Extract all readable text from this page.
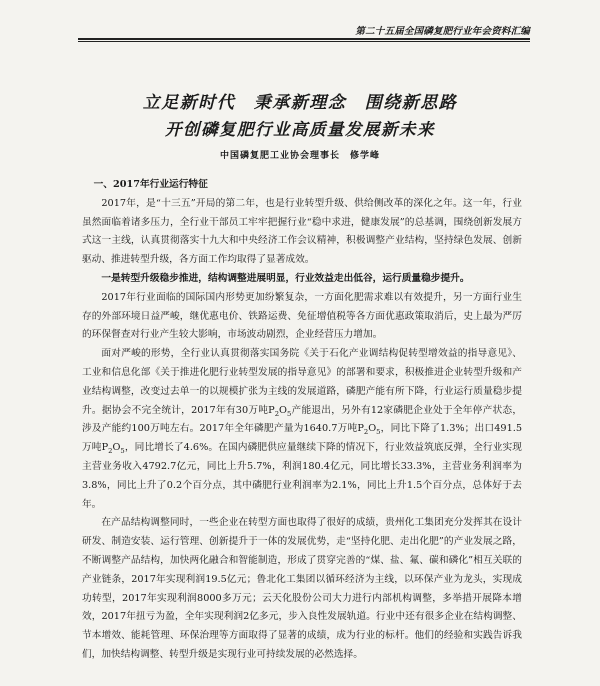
第二十五届全国磷复肥行业年会资料汇编
立足新时代　秉承新理念　围绕新思路
开创磷复肥行业高质量发展新未来
中国磷复肥工业协会理事长　修学峰

一、2017年行业运行特征

2017年，是“十三五”开局的第二年，也是行业转型升级、供给侧改革的深化之年。这一年，行业虽然面临着诸多压力，全行业干部员工牢牢把握行业“稳中求进，健康发展”的总基调，围绕创新发展方式这一主线，认真贯彻落实十九大和中央经济工作会议精神，积极调整产业结构，坚持绿色发展、创新驱动、推进转型升级，各方面工作均取得了显著成效。

一是转型升级稳步推进，结构调整进展明显，行业效益走出低谷，运行质量稳步提升。

2017年行业面临的国际国内形势更加纷繁复杂，一方面化肥需求难以有效提升，另一方面行业生存的外部环境日益严峻，继优惠电价、铁路运费、免征增值税等各方面优惠政策取消后，史上最为严厉的环保督查对行业产生较大影响，市场波动剧烈，企业经营压力增加。

面对严峻的形势，全行业认真贯彻落实国务院《关于石化产业调结构促转型增效益的指导意见》、工业和信息化部《关于推进化肥行业转型发展的指导意见》的部署和要求，积极推进企业转型升级和产业结构调整，改变过去单一的以规模扩张为主线的发展道路，磷肥产能有所下降，行业运行质量稳步提升。据协会不完全统计，2017年有30万吨$P_2O_5$产能退出，另外有12家磷肥企业处于全年停产状态，涉及产能约100万吨左右。2017年全年磷肥产量为1640.7万吨$P_2O_5$，同比下降了1.3%；出口491.5万吨$P_2O_5$，同比增长了4.6%。在国内磷肥供应量继续下降的情况下，行业效益筑底反弹，全行业实现主营业务收入4792.7亿元，同比上升5.7%，利润180.4亿元，同比增长33.3%，主营业务利润率为3.8%，同比上升了0.2个百分点，其中磷肥行业利润率为2.1%，同比上升1.5个百分点，总体好于去年。

在产品结构调整同时，一些企业在转型方面也取得了很好的成绩，贵州化工集团充分发挥其在设计研发、制造安装、运行管理、创新提升于一体的发展优势，走“坚持化肥、走出化肥”的产业发展之路，不断调整产品结构，加快两化融合和智能制造，形成了贯穿完善的“煤、盐、氟、碳和磷化”相互关联的产业链条，2017年实现利润19.5亿元；鲁北化工集团以循环经济为主线，以环保产业为龙头，实现成功转型，2017年实现利润8000多万元；云天化股份公司大力进行内部机构调整，多举措开展降本增效，2017年扭亏为盈，全年实现利润2亿多元，步入良性发展轨道。行业中还有很多企业在结构调整、节本增效、能耗管理、环保治理等方面取得了显著的成绩，成为行业的标杆。他们的经验和实践告诉我们，加快结构调整、转型升级是实现行业可持续发展的必然选择。
